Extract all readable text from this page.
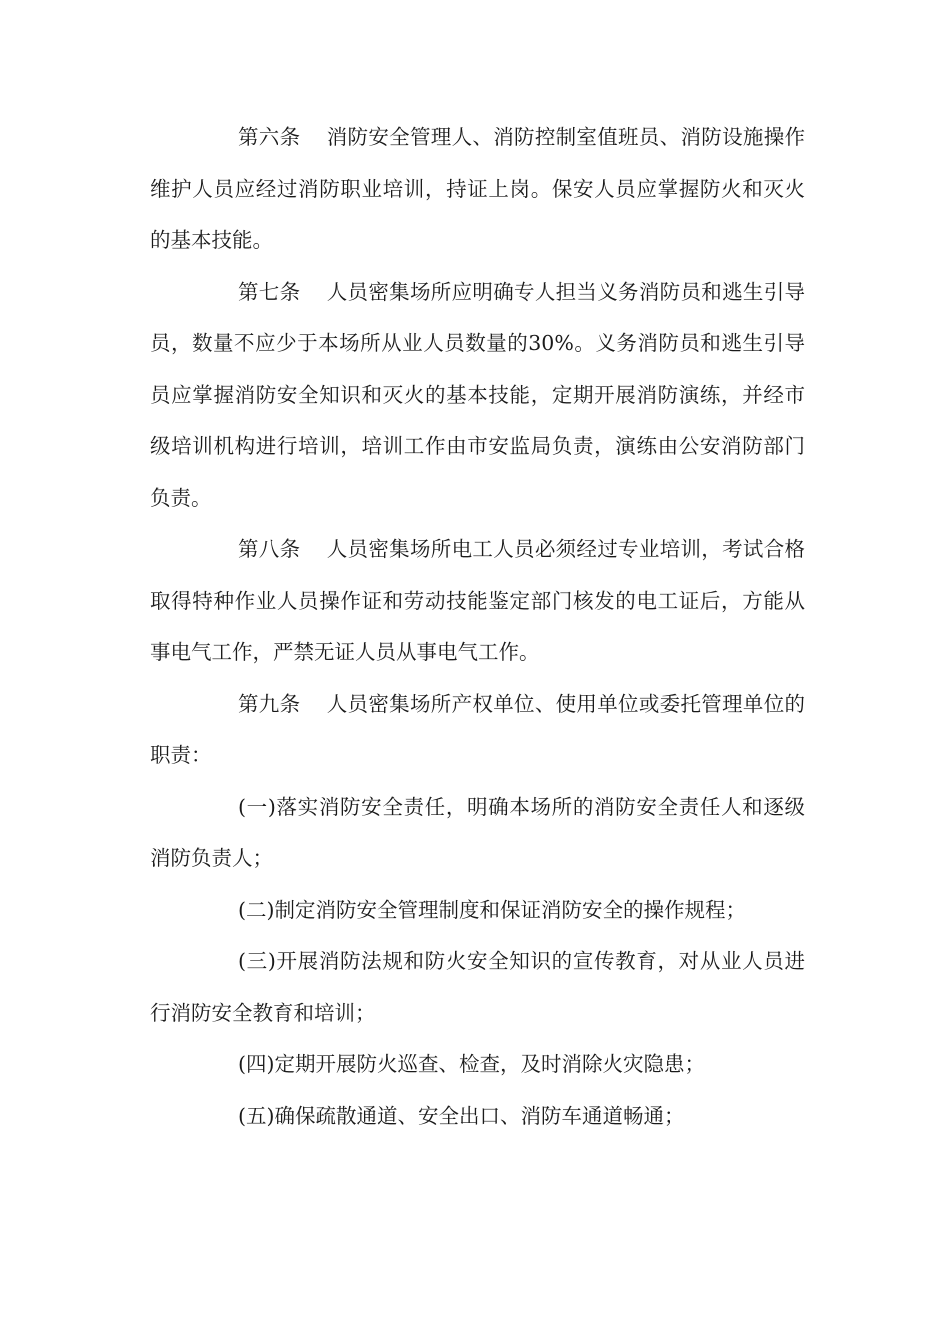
第六条 消防安全管理人、消防控制室值班员、消防设施操作维护人员应经过消防职业培训，持证上岗。保安人员应掌握防火和灭火的基本技能。

第七条 人员密集场所应明确专人担当义务消防员和逃生引导员，数量不应少于本场所从业人员数量的30%。义务消防员和逃生引导员应掌握消防安全知识和灭火的基本技能，定期开展消防演练，并经市级培训机构进行培训，培训工作由市安监局负责，演练由公安消防部门负责。

第八条 人员密集场所电工人员必须经过专业培训，考试合格取得特种作业人员操作证和劳动技能鉴定部门核发的电工证后，方能从事电气工作，严禁无证人员从事电气工作。

第九条 人员密集场所产权单位、使用单位或委托管理单位的职责：

(一)落实消防安全责任，明确本场所的消防安全责任人和逐级消防负责人；

(二)制定消防安全管理制度和保证消防安全的操作规程；

(三)开展消防法规和防火安全知识的宣传教育，对从业人员进行消防安全教育和培训；

(四)定期开展防火巡查、检查，及时消除火灾隐患；

(五)确保疏散通道、安全出口、消防车通道畅通；
